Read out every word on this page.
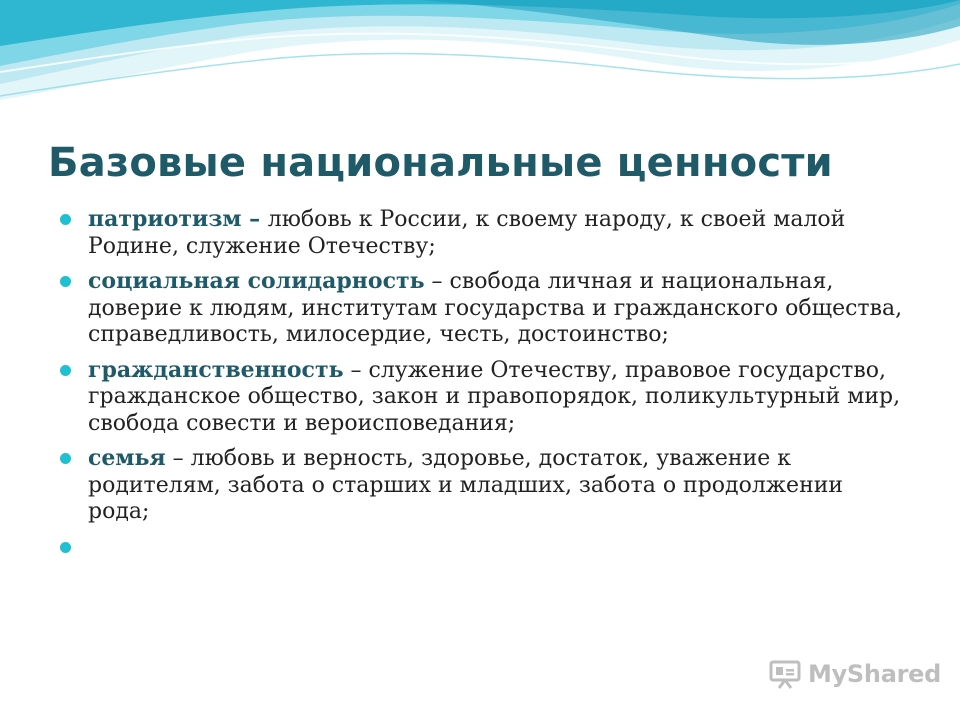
Базовые национальные ценности
патриотизм – любовь к России, к своему народу, к своей малой Родине, служение Отечеству;
социальная солидарность – свобода личная и национальная, доверие к людям, институтам государства и гражданского общества, справедливость, милосердие, честь, достоинство;
гражданственность – служение Отечеству, правовое государство, гражданское общество, закон и правопорядок, поликультурный мир, свобода совести и вероисповедания;
семья – любовь и верность, здоровье, достаток, уважение к родителям, забота о старших и младших, забота о продолжении рода;
MyShared
